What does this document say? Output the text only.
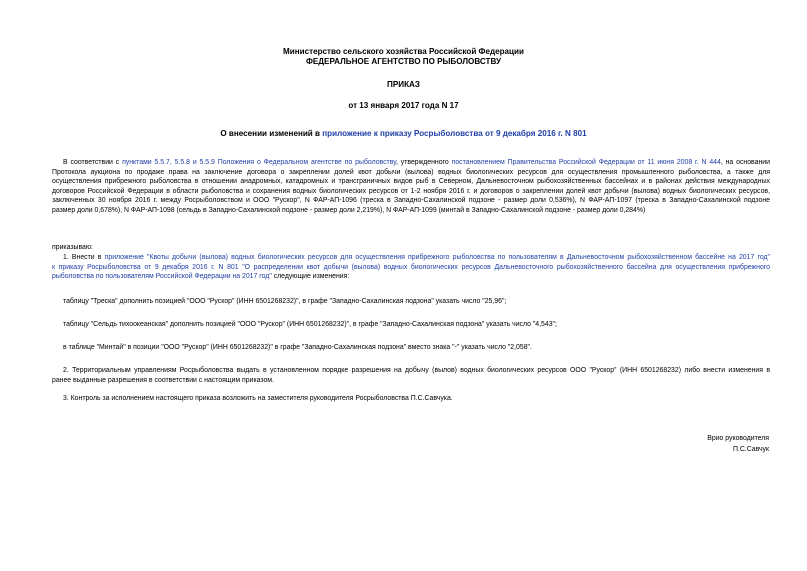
Министерство сельского хозяйства Российской Федерации
ФЕДЕРАЛЬНОЕ АГЕНТСТВО ПО РЫБОЛОВСТВУ
ПРИКАЗ
от 13 января 2017 года N 17
О внесении изменений в приложение к приказу Росрыболовства от 9 декабря 2016 г. N 801
В соответствии с пунктами 5.5.7, 5.5.8 и 5.5.9 Положения о Федеральном агентстве по рыболовству, утвержденного постановлением Правительства Российской Федерации от 11 июня 2008 г. N 444, на основании
Протокола аукциона по продаже права на заключение договора о закреплении долей квот добычи (вылова) водных биологических ресурсов для осуществления промышленного рыболовства, а также для
осуществления прибрежного рыболовства в отношении анадромных, катадромных и трансграничных видов рыб в Северном, Дальневосточном рыбохозяйственных бассейнах и в районах действия международных
договоров Российской Федерации в области рыболовства и сохранения водных биологических ресурсов от 1-2 ноября 2016 г. и договоров о закреплении долей квот добычи (вылова) водных биологических ресурсов,
заключенных 30 ноября 2016 г. между Росрыболовством и ООО "Рускор", N ФАР-АП-1096 (треска в Западно-Сахалинской подзоне - размер доли 0,536%), N ФАР-АП-1097 (треска в Западно-Сахалинской подзоне
размер доли 0,678%), N ФАР-АП-1098 (сельдь в Западно-Сахалинской подзоне - размер доли 2,219%), N ФАР-АП-1099 (минтай в Западно-Сахалинской подзоне - размер доли 0,284%)
приказываю:
1. Внести в приложение "Квоты добычи (вылова) водных биологических ресурсов для осуществления прибрежного рыболовства по пользователям в Дальневосточном рыбохозяйственном бассейне на 2017 год"
к приказу Росрыболовства от 9 декабря 2016 г. N 801 "О распределении квот добычи (вылова) водных биологических ресурсов Дальневосточного рыбохозяйственного бассейна для осуществления прибрежного
рыболовства по пользователям Российской Федерации на 2017 год" следующие изменения:
таблицу "Треска" дополнить позицией "ООО "Рускор" (ИНН 6501268232)", в графе "Западно-Сахалинская подзона" указать число "25,96";
таблицу "Сельдь тихоокеанская" дополнить позицией "ООО "Рускор" (ИНН 6501268232)", в графе "Западно-Сахалинская подзона" указать число "4,543";
в таблице "Минтай" в позиции "ООО "Рускор" (ИНН 6501268232)" в графе "Западно-Сахалинская подзона" вместо знака "-" указать число "2,058".
2. Территориальным управлениям Росрыболовства выдать в установленном порядке разрешения на добычу (вылов) водных биологических ресурсов ООО "Рускор" (ИНН 6501268232) либо внести изменения в
ранее выданные разрешения в соответствии с настоящим приказом.
3. Контроль за исполнением настоящего приказа возложить на заместителя руководителя Росрыболовства П.С.Савчука.
Врио руководителя
П.С.Савчук
